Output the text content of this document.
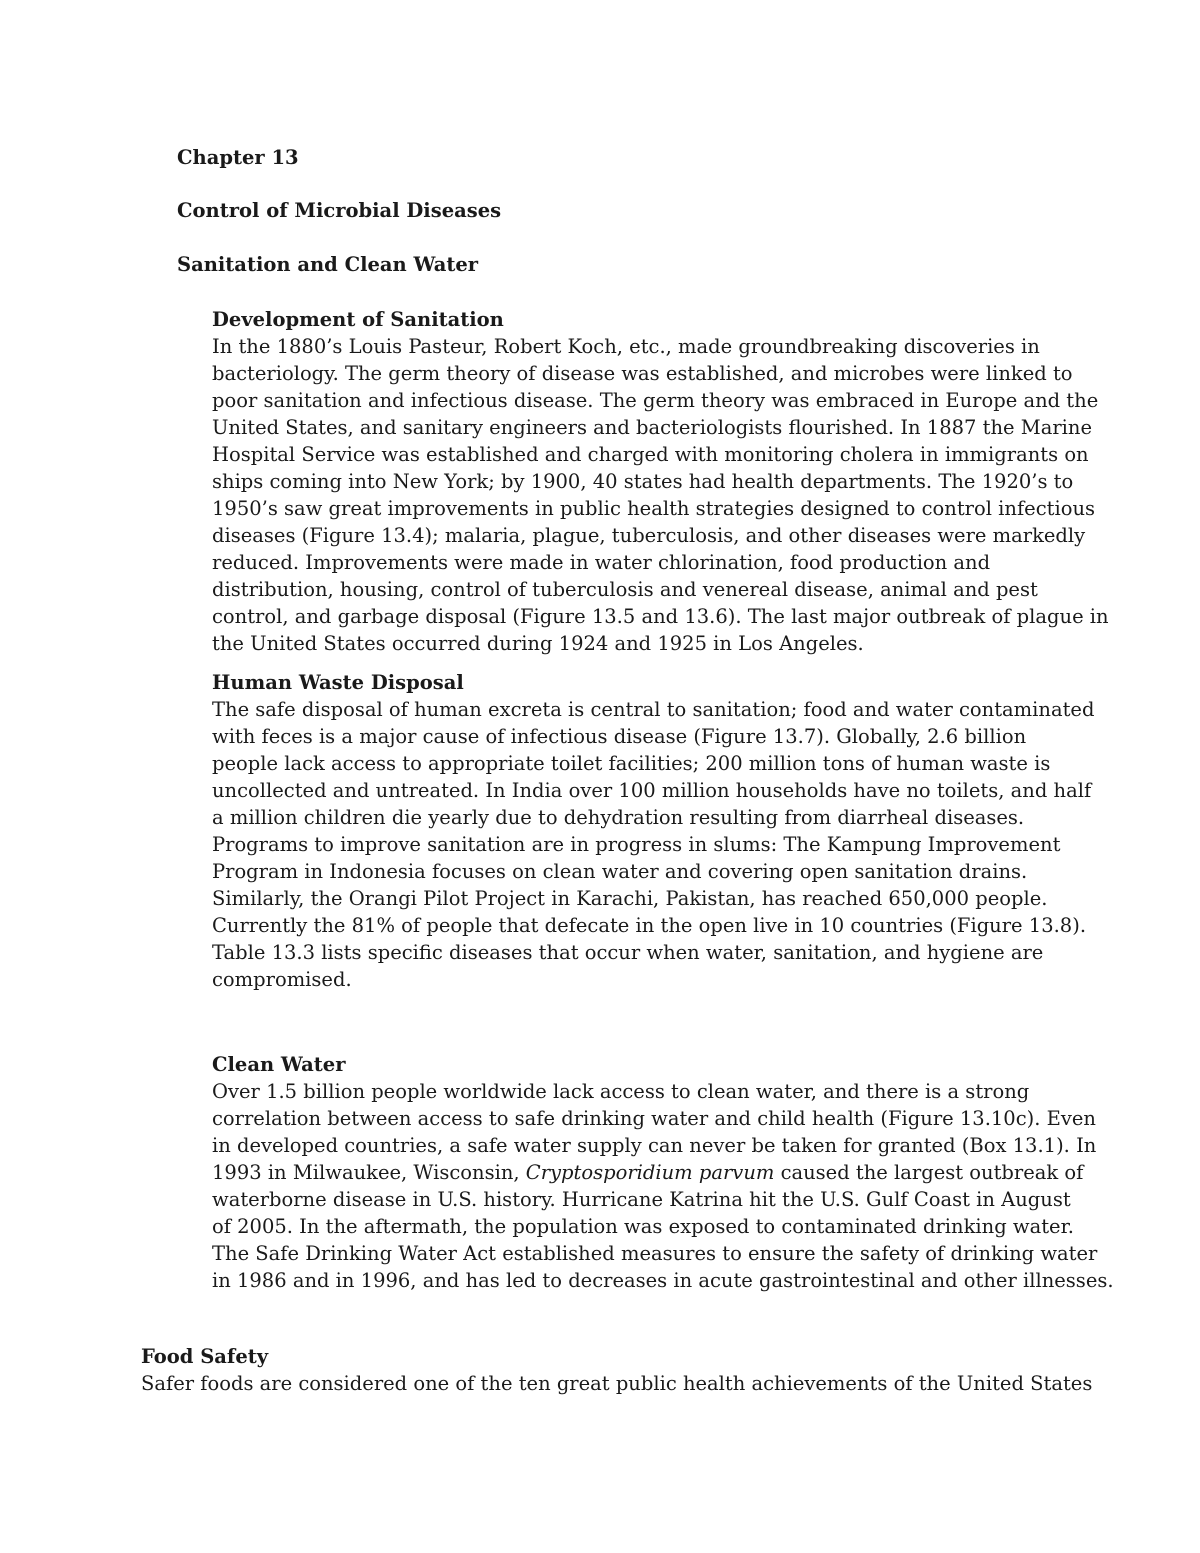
Chapter 13
Control of Microbial Diseases
Sanitation and Clean Water
Development of Sanitation

In the 1880’s Louis Pasteur, Robert Koch, etc., made groundbreaking discoveries in
bacteriology. The germ theory of disease was established, and microbes were linked to
poor sanitation and infectious disease. The germ theory was embraced in Europe and the
United States, and sanitary engineers and bacteriologists flourished. In 1887 the Marine
Hospital Service was established and charged with monitoring cholera in immigrants on
ships coming into New York; by 1900, 40 states had health departments. The 1920’s to
1950’s saw great improvements in public health strategies designed to control infectious
diseases (Figure 13.4); malaria, plague, tuberculosis, and other diseases were markedly
reduced. Improvements were made in water chlorination, food production and
distribution, housing, control of tuberculosis and venereal disease, animal and pest
control, and garbage disposal (Figure 13.5 and 13.6). The last major outbreak of plague in
the United States occurred during 1924 and 1925 in Los Angeles.

Human Waste Disposal

The safe disposal of human excreta is central to sanitation; food and water contaminated
with feces is a major cause of infectious disease (Figure 13.7). Globally, 2.6 billion
people lack access to appropriate toilet facilities; 200 million tons of human waste is
uncollected and untreated. In India over 100 million households have no toilets, and half
a million children die yearly due to dehydration resulting from diarrheal diseases.
Programs to improve sanitation are in progress in slums: The Kampung Improvement
Program in Indonesia focuses on clean water and covering open sanitation drains.
Similarly, the Orangi Pilot Project in Karachi, Pakistan, has reached 650,000 people.
Currently the 81% of people that defecate in the open live in 10 countries (Figure 13.8).
Table 13.3 lists specific diseases that occur when water, sanitation, and hygiene are
compromised.

Clean Water

Over 1.5 billion people worldwide lack access to clean water, and there is a strong
correlation between access to safe drinking water and child health (Figure 13.10c). Even
in developed countries, a safe water supply can never be taken for granted (Box 13.1). In
1993 in Milwaukee, Wisconsin, Cryptosporidium parvum caused the largest outbreak of
waterborne disease in U.S. history. Hurricane Katrina hit the U.S. Gulf Coast in August
of 2005. In the aftermath, the population was exposed to contaminated drinking water.
The Safe Drinking Water Act established measures to ensure the safety of drinking water
in 1986 and in 1996, and has led to decreases in acute gastrointestinal and other illnesses.

Food Safety

Safer foods are considered one of the ten great public health achievements of the United States
